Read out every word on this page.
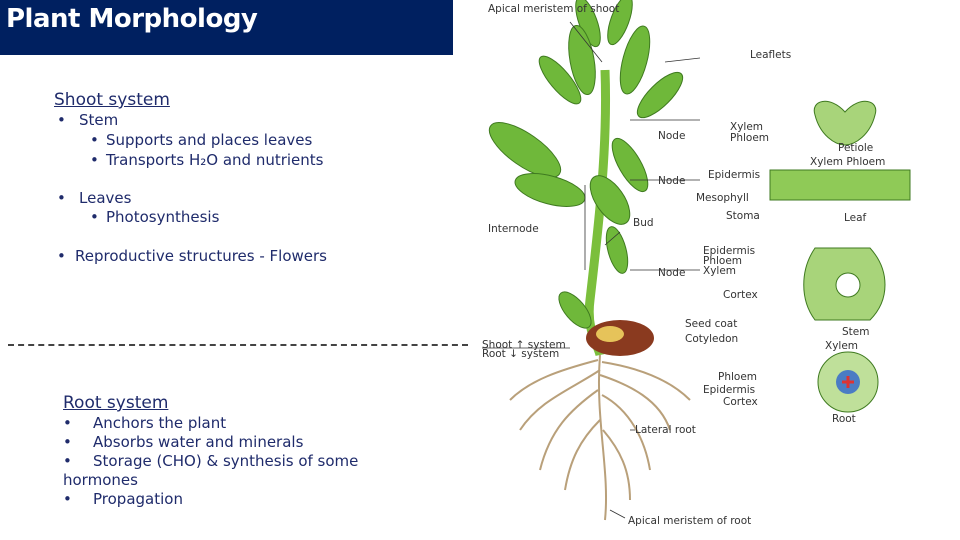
Plant Morphology
Shoot system
• Stem
• Supports and places leaves
• Transports H₂O and nutrients
• Leaves
• Photosynthesis
• Reproductive structures - Flowers
Root system
• Anchors the plant
• Absorbs water and minerals
• Storage (CHO) & synthesis of some hormones
• Propagation
Apical meristem of shoot
Leaflets
Xylem
Phloem
Node
Petiole
Xylem Phloem
Epidermis
Node
Mesophyll
Stoma	Leaf
Internode	Bud
Epidermis
Phloem
Xylem
Node
Cortex
Seed coat
Cotyledon
Stem
Shoot ↑ system
Root ↓ system
Xylem
Phloem
Epidermis
Cortex
Lateral root
Root
Apical meristem of root
